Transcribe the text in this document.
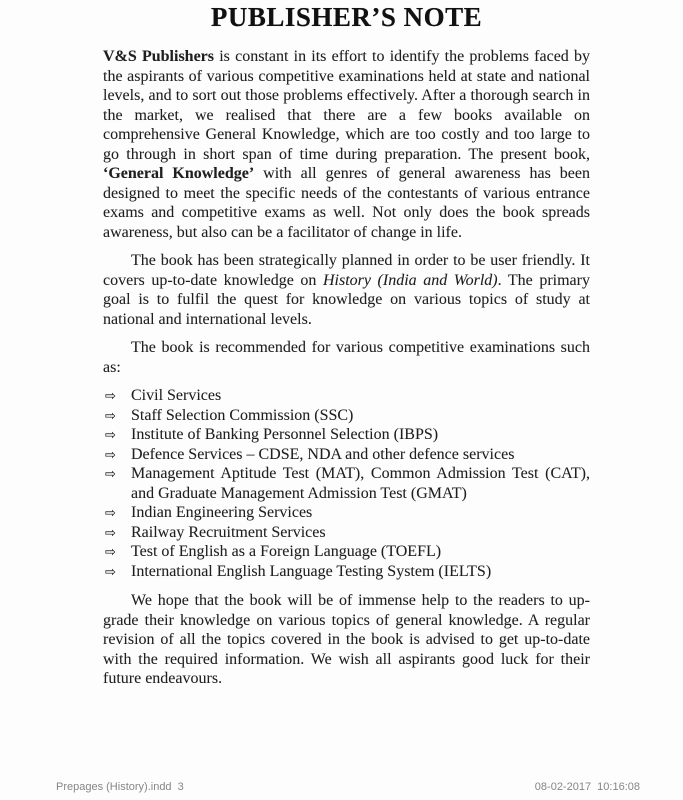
PUBLISHER’S NOTE

V&S Publishers is constant in its effort to identify the problems faced by the aspirants of various competitive examinations held at state and national levels, and to sort out those problems effectively. After a thorough search in the market, we realised that there are a few books available on comprehensive General Knowledge, which are too costly and too large to go through in short span of time during preparation. The present book, ‘General Knowledge’ with all genres of general awareness has been designed to meet the specific needs of the contestants of various entrance exams and competitive exams as well. Not only does the book spreads awareness, but also can be a facilitator of change in life.

The book has been strategically planned in order to be user friendly. It covers up-to-date knowledge on History (India and World). The primary goal is to fulfil the quest for knowledge on various topics of study at national and international levels.

The book is recommended for various competitive examinations such as:

⇨ Civil Services
⇨ Staff Selection Commission (SSC)
⇨ Institute of Banking Personnel Selection (IBPS)
⇨ Defence Services – CDSE, NDA and other defence services
⇨ Management Aptitude Test (MAT), Common Admission Test (CAT), and Graduate Management Admission Test (GMAT)
⇨ Indian Engineering Services
⇨ Railway Recruitment Services
⇨ Test of English as a Foreign Language (TOEFL)
⇨ International English Language Testing System (IELTS)

We hope that the book will be of immense help to the readers to up-grade their knowledge on various topics of general knowledge. A regular revision of all the topics covered in the book is advised to get up-to-date with the required information. We wish all aspirants good luck for their future endeavours.

Prepages (History).indd  3	08-02-2017  10:16:08
